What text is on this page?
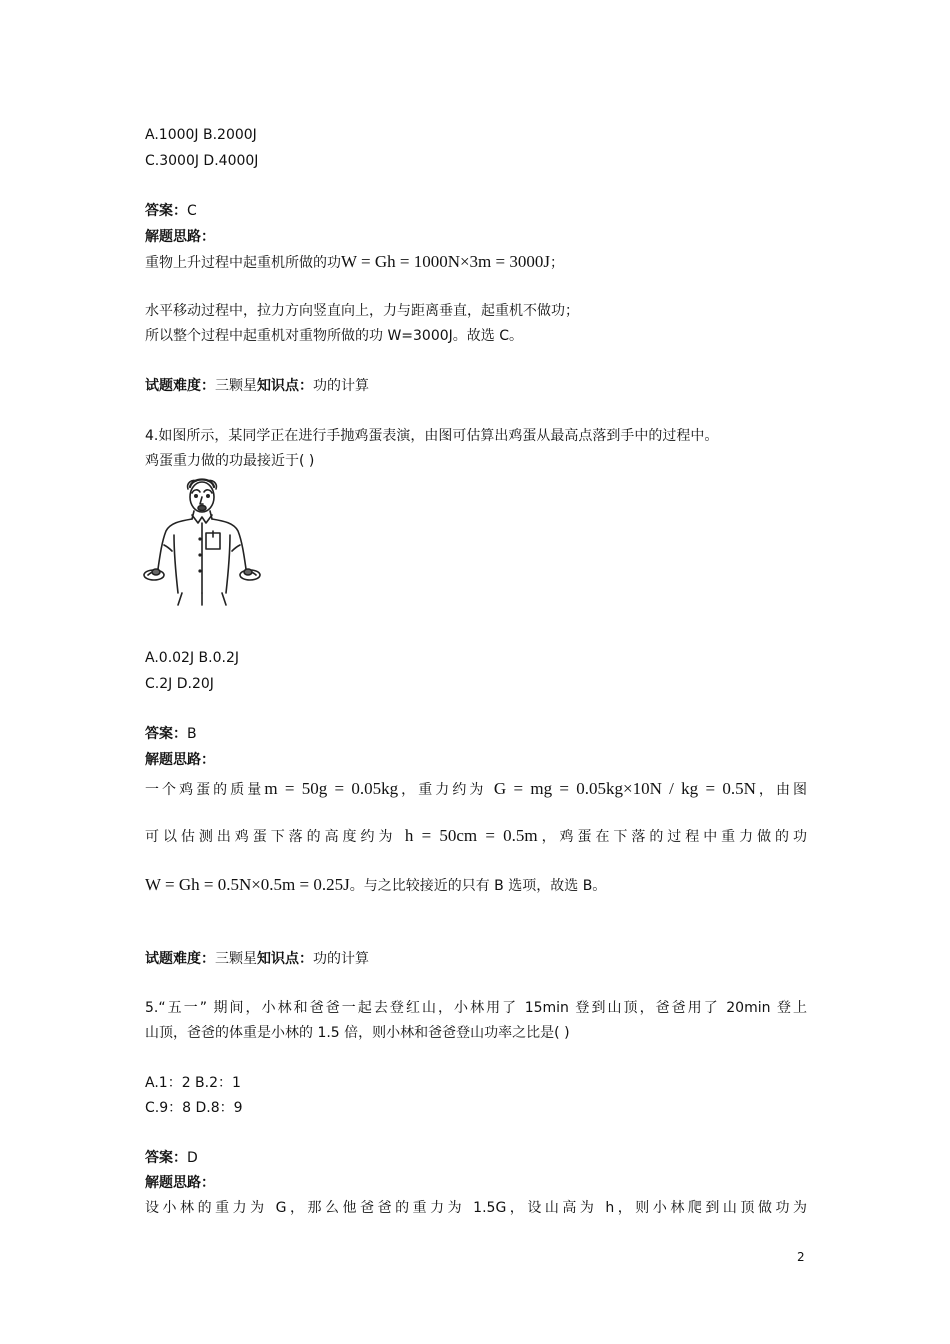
A.1000J B.2000J
C.3000J D.4000J
答案：C
解题思路：
重物上升过程中起重机所做的功W = Gh = 1000N×3m = 3000J；
水平移动过程中，拉力方向竖直向上，力与距离垂直，起重机不做功；
所以整个过程中起重机对重物所做的功 W=3000J。故选 C。
试题难度：三颗星知识点：功的计算
4.如图所示，某同学正在进行手抛鸡蛋表演，由图可估算出鸡蛋从最高点落到手中的过程中。
鸡蛋重力做的功最接近于( )
A.0.02J B.0.2J
C.2J D.20J
答案：B
解题思路：
一个鸡蛋的质量m = 50g = 0.05kg，重力约为 G = mg = 0.05kg×10N / kg = 0.5N，由图
可以估测出鸡蛋下落的高度约为 h = 50cm = 0.5m，鸡蛋在下落的过程中重力做的功
W = Gh = 0.5N×0.5m = 0.25J。与之比较接近的只有 B 选项，故选 B。
试题难度：三颗星知识点：功的计算
5.“五一” 期间，小林和爸爸一起去登红山，小林用了 15min 登到山顶，爸爸用了 20min 登上
山顶，爸爸的体重是小林的 1.5 倍，则小林和爸爸登山功率之比是( )
A.1：2 B.2：1
C.9：8 D.8：9
答案：D
解题思路：
设小林的重力为 G，那么他爸爸的重力为 1.5G，设山高为 h，则小林爬到山顶做功为
2
